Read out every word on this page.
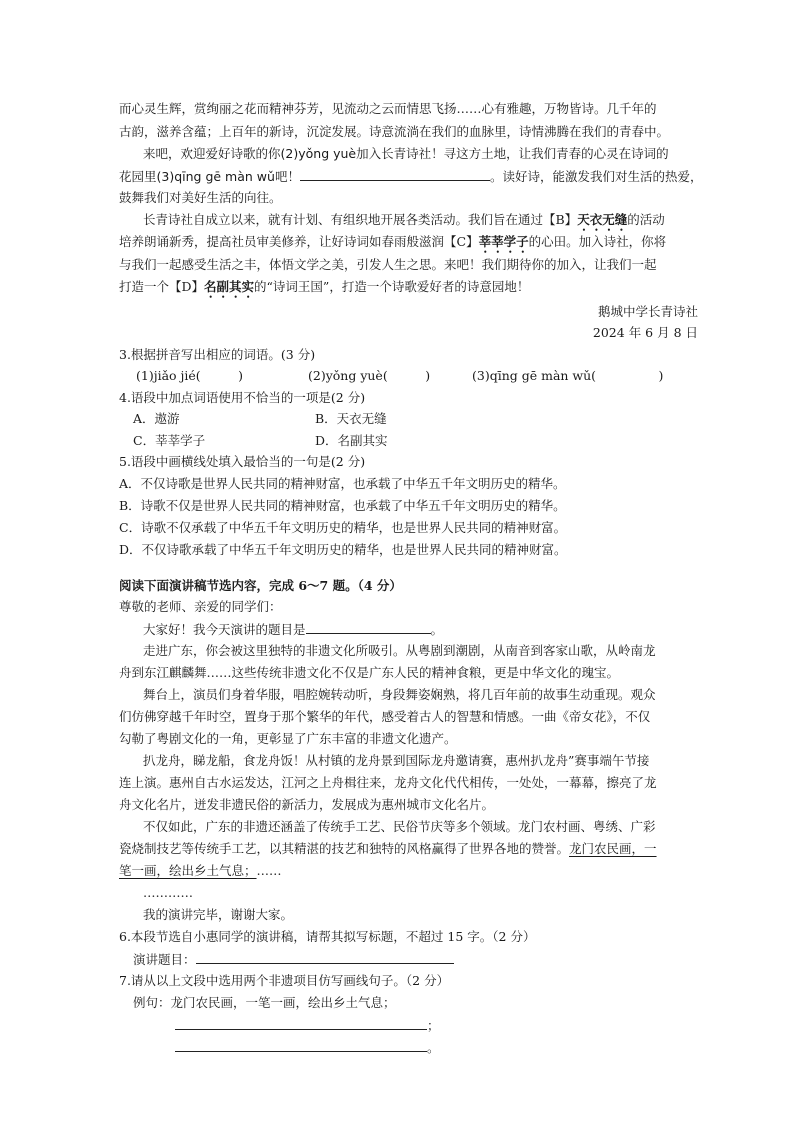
而心灵生辉，赏绚丽之花而精神芬芳，见流动之云而情思飞扬……心有雅趣，万物皆诗。几千年的
古韵，滋养含蕴；上百年的新诗，沉淀发展。诗意流淌在我们的血脉里，诗情沸腾在我们的青春中。
来吧，欢迎爱好诗歌的你(2)yǒng yuè加入长青诗社！寻这方土地，让我们青春的心灵在诗词的
花园里(3)qīng gē màn wǔ吧！	。读好诗，能激发我们对生活的热爱，
鼓舞我们对美好生活的向往。
长青诗社自成立以来，就有计划、有组织地开展各类活动。我们旨在通过【B】天衣无缝的活动
培养朗诵新秀，提高社员审美修养，让好诗词如春雨般滋润【C】莘莘学子的心田。加入诗社，你将
与我们一起感受生活之丰，体悟文学之美，引发人生之思。来吧！我们期待你的加入，让我们一起
打造一个【D】名副其实的“诗词王国”，打造一个诗歌爱好者的诗意园地！
鹅城中学长青诗社
2024 年 6 月 8 日
3.根据拼音写出相应的词语。(3 分)
(1)jiǎo jié(　　　)	(2)yǒng yuè(　　　)	(3)qīng gē màn wǔ(　　　　　)
4.语段中加点词语使用不恰当的一项是(2 分)
A．遨游	B．天衣无缝
C．莘莘学子	D．名副其实
5.语段中画横线处填入最恰当的一句是(2 分)
A．不仅诗歌是世界人民共同的精神财富，也承载了中华五千年文明历史的精华。
B．诗歌不仅是世界人民共同的精神财富，也承载了中华五千年文明历史的精华。
C．诗歌不仅承载了中华五千年文明历史的精华，也是世界人民共同的精神财富。
D．不仅诗歌承载了中华五千年文明历史的精华，也是世界人民共同的精神财富。
阅读下面演讲稿节选内容，完成 6～7 题。（4 分）
尊敬的老师、亲爱的同学们：
大家好！我今天演讲的题目是	。
走进广东，你会被这里独特的非遗文化所吸引。从粤剧到潮剧，从南音到客家山歌，从岭南龙
舟到东江麒麟舞……这些传统非遗文化不仅是广东人民的精神食粮，更是中华文化的瑰宝。
舞台上，演员们身着华服，唱腔婉转动听，身段舞姿娴熟，将几百年前的故事生动重现。观众
们仿佛穿越千年时空，置身于那个繁华的年代，感受着古人的智慧和情感。一曲《帝女花》，不仅
勾勒了粤剧文化的一角，更彰显了广东丰富的非遗文化遗产。
扒龙舟，睇龙船，食龙舟饭！从村镇的龙舟景到国际龙舟邀请赛，惠州扒龙舟”赛事端午节接
连上演。惠州自古水运发达，江河之上舟楫往来，龙舟文化代代相传，一处处，一幕幕，擦亮了龙
舟文化名片，迸发非遗民俗的新活力，发展成为惠州城市文化名片。
不仅如此，广东的非遗还涵盖了传统手工艺、民俗节庆等多个领域。龙门农村画、粤绣、广彩
瓷烧制技艺等传统手工艺，以其精湛的技艺和独特的风格赢得了世界各地的赞誉。龙门农民画，一
笔一画，绘出乡土气息；……
…………
我的演讲完毕，谢谢大家。
6.本段节选自小惠同学的演讲稿，请帮其拟写标题，不超过 15 字。（2 分）
演讲题目：
7.请从以上文段中选用两个非遗项目仿写画线句子。（2 分）
例句：龙门农民画，一笔一画，绘出乡土气息；
；
。
